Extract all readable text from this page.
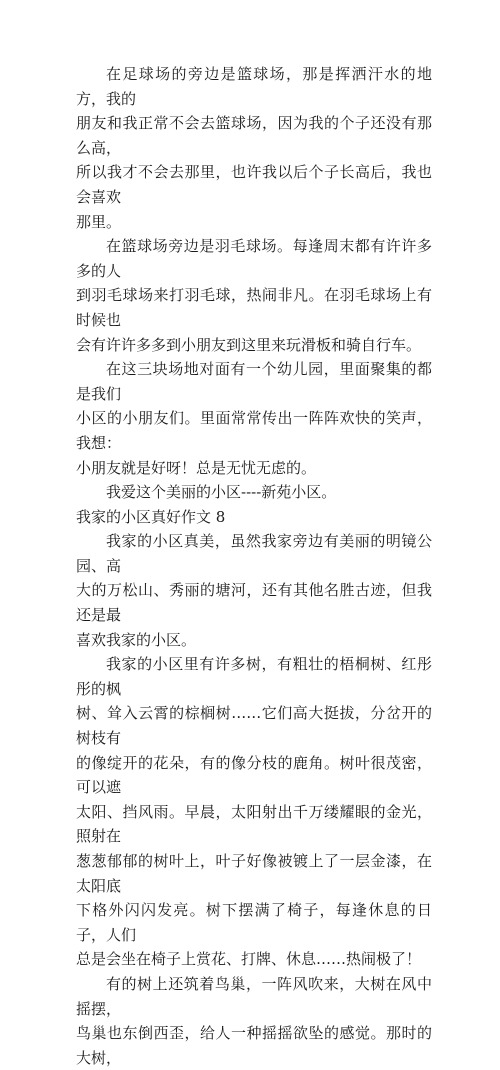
在足球场的旁边是篮球场，那是挥洒汗水的地方，我的
朋友和我正常不会去篮球场，因为我的个子还没有那么高，
所以我才不会去那里，也许我以后个子长高后，我也会喜欢
那里。

在篮球场旁边是羽毛球场。每逢周末都有许许多多的人
到羽毛球场来打羽毛球，热闹非凡。在羽毛球场上有时候也
会有许许多多到小朋友到这里来玩滑板和骑自行车。

在这三块场地对面有一个幼儿园，里面聚集的都是我们
小区的小朋友们。里面常常传出一阵阵欢快的笑声，我想：
小朋友就是好呀！总是无忧无虑的。

我爱这个美丽的小区----新苑小区。

我家的小区真好作文 8

我家的小区真美，虽然我家旁边有美丽的明镜公园、高
大的万松山、秀丽的塘河，还有其他名胜古迹，但我还是最
喜欢我家的小区。

我家的小区里有许多树，有粗壮的梧桐树、红彤彤的枫
树、耸入云霄的棕榈树……它们高大挺拔，分岔开的树枝有
的像绽开的花朵，有的像分枝的鹿角。树叶很茂密，可以遮
太阳、挡风雨。早晨，太阳射出千万缕耀眼的金光，照射在
葱葱郁郁的树叶上，叶子好像被镀上了一层金漆，在太阳底
下格外闪闪发亮。树下摆满了椅子，每逢休息的日子，人们
总是会坐在椅子上赏花、打牌、休息……热闹极了！

有的树上还筑着鸟巢，一阵风吹来，大树在风中摇摆，
鸟巢也东倒西歪，给人一种摇摇欲坠的感觉。那时的大树，
